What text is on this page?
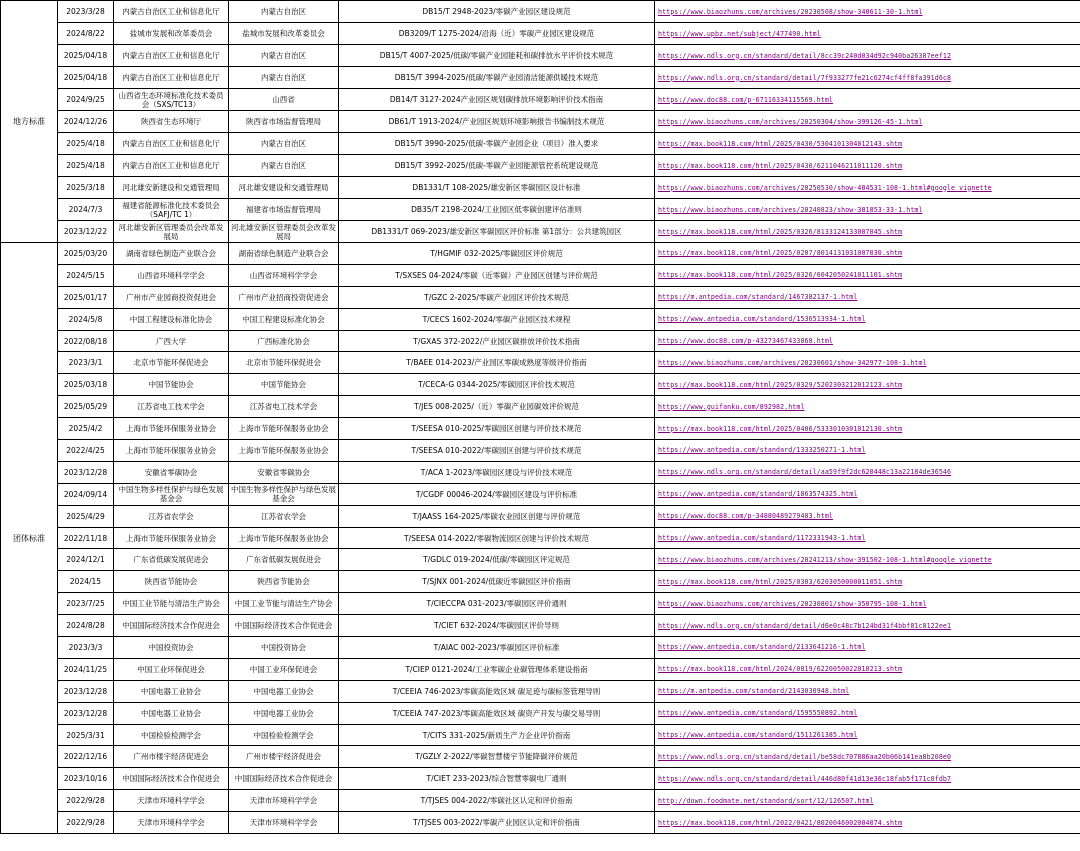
地方标准	2023/3/28	内蒙古自治区工业和信息化厅	内蒙古自治区	DB15/T 2948-2023/零碳产业园区建设规范	https://www.biaozhuns.com/archives/20230508/show-340611-30-1.html
	2024/8/22	盐城市发展和改革委员会	盐城市发展和改革委员会	DB3209/T 1275-2024/沿海（近）零碳产业园区建设规范	https://www.upbz.net/subject/477490.html
	2025/04/18	内蒙古自治区工业和信息化厅	内蒙古自治区	DB15/T 4007-2025/低碳/零碳产业园能耗和碳排放水平评价技术规范	https://www.ndls.org.cn/standard/detail/8cc39c240d034d92c940ba26387eef12
	2025/04/18	内蒙古自治区工业和信息化厅	内蒙古自治区	DB15/T 3994-2025/低碳/零碳产业园清洁能源供暖技术规范	https://www.ndls.org.cn/standard/detail/7f933277fe21c6274cf4ff8fa391d6c8
	2024/9/25	山西省生态环境标准化技术委员会（SXS/TC13）	山西省	DB14/T 3127-2024产业园区规划碳排放环境影响评价技术指南	https://www.doc88.com/p-67116334115569.html
	2024/12/26	陕西省生态环境厅	陕西省市场监督管理局	DB61/T 1913-2024/产业园区规划环境影响报告书编制技术规范	https://www.biaozhuns.com/archives/20250304/show-399126-45-1.html
	2025/4/18	内蒙古自治区工业和信息化厅	内蒙古自治区	DB15/T 3990-2025/低碳-零碳产业园企业（项目）准入要求	https://max.book118.com/html/2025/0430/5304101304012143.shtm
	2025/4/18	内蒙古自治区工业和信息化厅	内蒙古自治区	DB15/T 3992-2025/低碳-零碳产业园能源管控系统建设规范	https://max.book118.com/html/2025/0430/6211046211011120.shtm
	2025/3/18	河北雄安新建设和交通管理局	河北雄安建设和交通管理局	DB1331/T 108-2025/雄安新区零碳园区设计标准	https://www.biaozhuns.com/archives/20250530/show-404531-108-1.html#google_vignette
	2024/7/3	福建省能源标准化技术委员会（SAFJ/TC 1）	福建省市场监督管理局	DB35/T 2198-2024/工业园区低零碳创建评估准则	https://www.biaozhuns.com/archives/20240823/show-381853-33-1.html
	2023/12/22	河北雄安新区管理委员会改革发展局	河北雄安新区管理委员会改革发展局	DB1331/T 069-2023/雄安新区零碳园区评价标准 第1部分：公共建筑园区	https://max.book118.com/html/2025/0326/8133124133007045.shtm
团体标准	2025/03/20	湖南省绿色制造产业联合会	湖南省绿色制造产业联合会	T/HGMIF 032-2025/零碳园区评价规范	https://max.book118.com/html/2025/0207/8014131031007030.shtm
	2024/5/15	山西省环境科学学会	山西省环境科学学会	T/SXSES 04-2024/零碳（近零碳）产业园区创建与评价规范	https://max.book118.com/html/2025/0326/6042050241011101.shtm
	2025/01/17	广州市产业园商投资促进会	广州市产业招商投资促进会	T/GZC 2-2025/零碳产业园区评价技术规范	https://m.antpedia.com/standard/1467382137-1.html
	2024/5/8	中国工程建设标准化协会	中国工程建设标准化协会	T/CECS 1602-2024/零碳产业园区技术规程	https://www.antpedia.com/standard/1536513934-1.html
	2022/08/18	广西大学	广西标准化协会	T/GXAS 372-2022/产业园区碳排放评价技术指南	https://www.doc88.com/p-43273467433868.html
	2023/3/1	北京市节能环保促进会	北京市节能环保促进会	T/BAEE 014-2023/产业园区零碳成熟度等级评价指南	https://www.biaozhuns.com/archives/20230601/show-342977-108-1.html
	2025/03/18	中国节能协会	中国节能协会	T/CECA-G 0344-2025/零碳园区评价技术规范	https://max.book118.com/html/2025/0329/5202303212012123.shtm
	2025/05/29	江苏省电工技术学会	江苏省电工技术学会	T/JES 008-2025/（近）零碳产业园碳效评价规范	https://www.guifanku.com/892982.html
	2025/4/2	上海市节能环保服务业协会	上海市节能环保服务业协会	T/SEESA 010-2025/零碳园区创建与评价技术规范	https://max.book118.com/html/2025/0406/5333010301012130.shtm
	2022/4/25	上海市节能环保服务业协会	上海市节能环保服务业协会	T/SEESA 010-2022/零碳园区创建与评价技术规范	https://www.antpedia.com/standard/1333250271-1.html
	2023/12/28	安徽省零碳协会	安徽省零碳协会	T/ACA 1-2023/零碳园区建设与评价技术规范	https://www.ndls.org.cn/standard/detail/aa59f9f2dc620448c13a22184de36546
	2024/09/14	中国生物多样性保护与绿色发展基金会	中国生物多样性保护与绿色发展基金会	T/CGDF 00046-2024/零碳园区建设与评价标准	https://www.antpedia.com/standard/1863574325.html
	2025/4/29	江苏省农学会	江苏省农学会	T/JAASS 164-2025/零碳农业园区创建与评价规范	https://www.doc88.com/p-34880489279483.html
	2022/11/18	上海市节能环保服务业协会	上海市节能环保服务业协会	T/SEESA 014-2022/零碳物流园区创建与评价技术规范	https://www.antpedia.com/standard/1172331943-1.html
	2024/12/1	广东省低碳发展促进会	广东省低碳发展促进会	T/GDLC 019-2024/低碳/零碳园区评定规范	https://www.biaozhuns.com/archives/20241213/show-391502-108-1.html#google_vignette
	2024/15	陕西省节能协会	陕西省节能协会	T/SJNX 001-2024/低碳近零碳园区评价指南	https://max.book118.com/html/2025/0303/6203050000011051.shtm
	2023/7/25	中国工业节能与清洁生产协会	中国工业节能与清洁生产协会	T/CIECCPA 031-2023/零碳园区评价通则	https://www.biaozhuns.com/archives/20230801/show-350795-108-1.html
	2024/8/28	中国国际经济技术合作促进会	中国国际经济技术合作促进会	T/CIET 632-2024/零碳园区评价导则	https://www.ndls.org.cn/standard/detail/d6e0c48c7b124bd31f4bbf81c8122ee1
	2023/3/3	中国投资协会	中国投资协会	T/AIAC 002-2023/零碳园区评价标准	https://www.antpedia.com/standard/2133641216-1.html
	2024/11/25	中国工业环保促进会	中国工业环保促进会	T/CIEP 0121-2024/工业零碳企业碳管理体系建设指南	https://max.book118.com/html/2024/0819/6220050022010213.shtm
	2023/12/28	中国电器工业协会	中国电器工业协会	T/CEEIA 746-2023/零碳高能效区域 碳足迹与碳标签管理导则	https://m.antpedia.com/standard/2143030948.html
	2023/12/28	中国电器工业协会	中国电器工业协会	T/CEEIA 747-2023/零碳高能效区域 碳资产开发与碳交易导则	https://www.antpedia.com/standard/1595550892.html
	2025/3/31	中国检验检测学会	中国检验检测学会	T/CITS 331-2025/新质生产力企业评价指南	https://www.antpedia.com/standard/1511261385.html
	2022/12/16	广州市楼宇经济促进会	广州市楼宇经济促进会	T/GZLY 2-2022/零碳智慧楼宇节能降碳评价规范	https://www.ndls.org.cn/standard/detail/be58dc707886aa20b06b141ea8b208e0
	2023/10/16	中国国际经济技术合作促进会	中国国际经济技术合作促进会	T/CIET 233-2023/综合智慧零碳电厂通则	https://www.ndls.org.cn/standard/detail/446d80f41d13e36c18fab5f171c0fdb7
	2022/9/28	天津市环境科学学会	天津市环境科学学会	T/TJSES 004-2022/零碳社区认定和评价指南	http://down.foodmate.net/standard/sort/12/126507.html
	2022/9/28	天津市环境科学学会	天津市环境科学学会	T/TJSES 003-2022/零碳产业园区认定和评价指南	https://max.book118.com/html/2022/0421/8020046002004074.shtm
